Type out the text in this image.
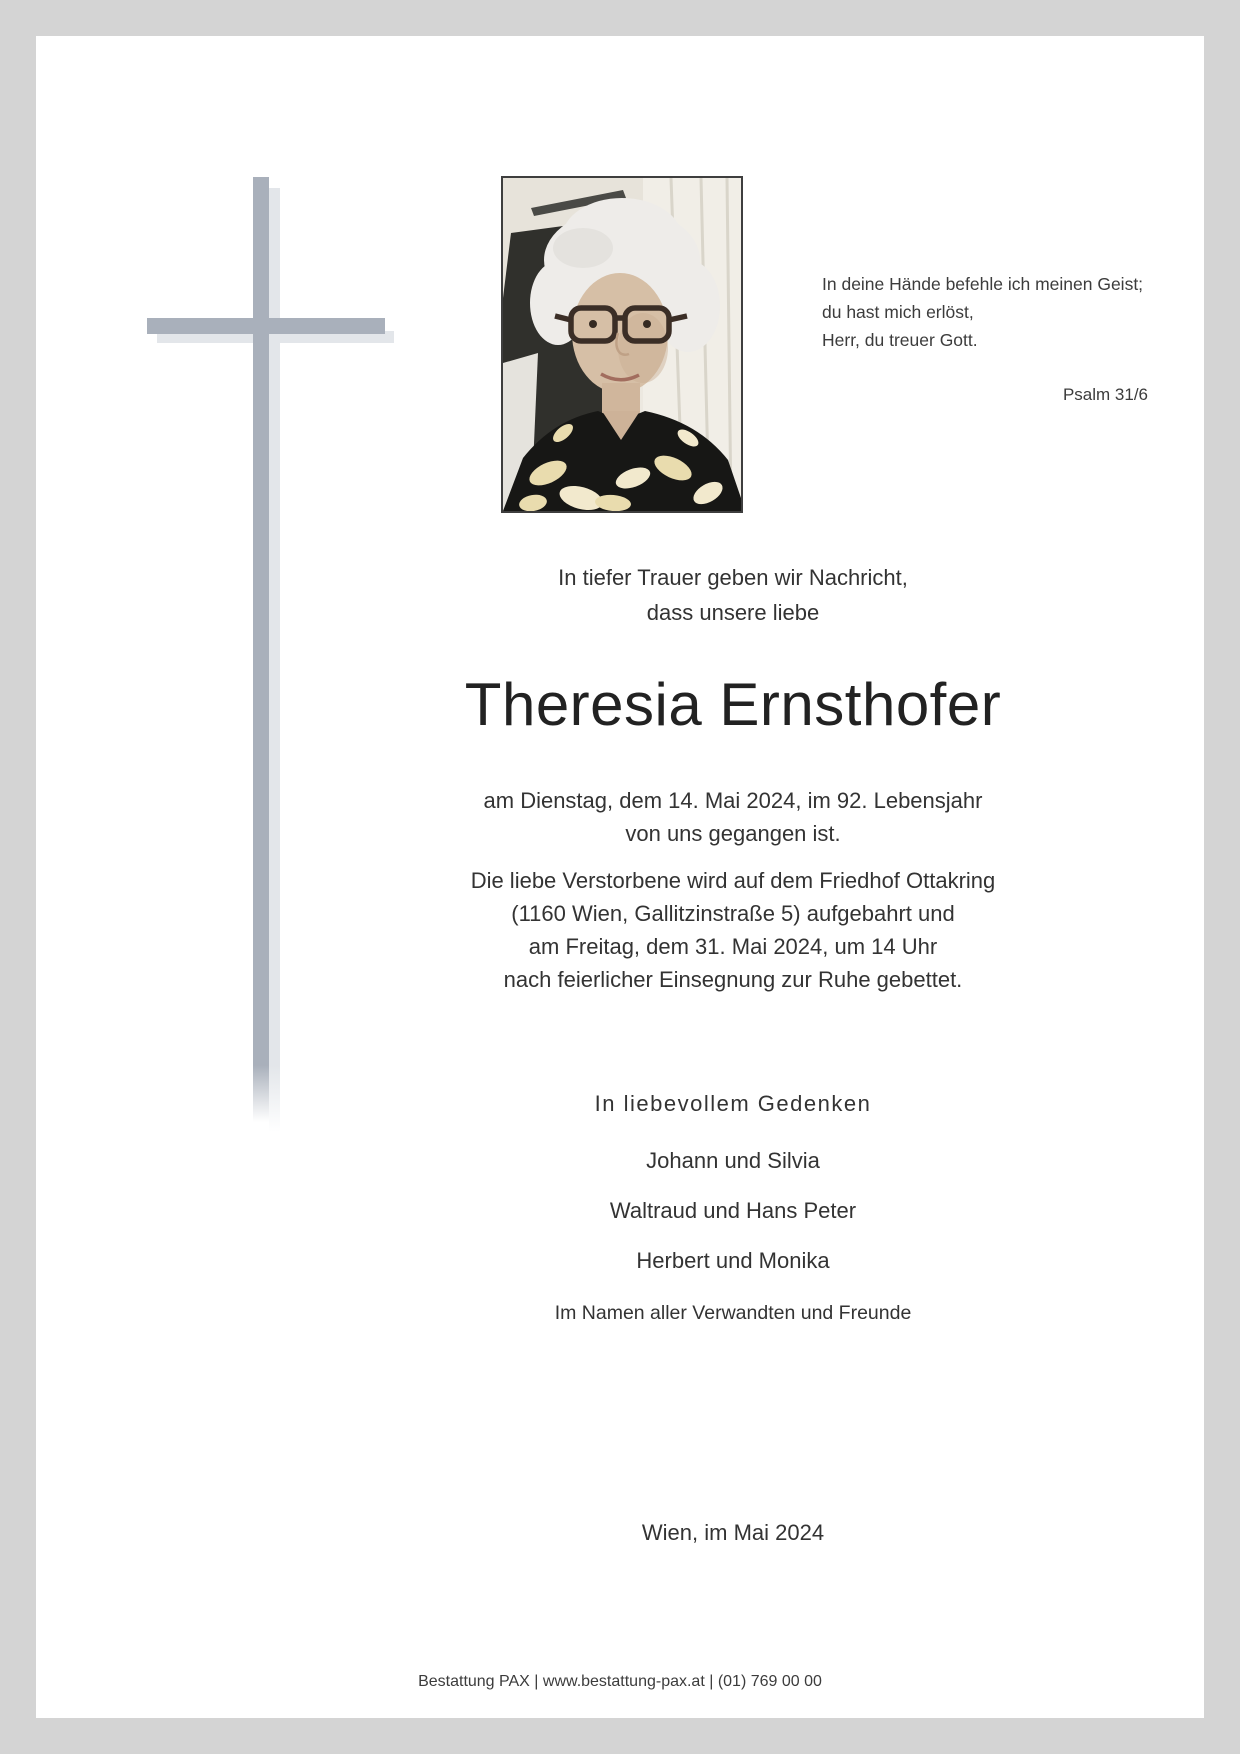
In deine Hände befehle ich meinen Geist;
du hast mich erlöst,
Herr, du treuer Gott.
Psalm 31/6
In tiefer Trauer geben wir Nachricht,
dass unsere liebe
Theresia Ernsthofer
am Dienstag, dem 14. Mai 2024, im 92. Lebensjahr
von uns gegangen ist.
Die liebe Verstorbene wird auf dem Friedhof Ottakring
(1160 Wien, Gallitzinstraße 5) aufgebahrt und
am Freitag, dem 31. Mai 2024, um 14 Uhr
nach feierlicher Einsegnung zur Ruhe gebettet.
In liebevollem Gedenken
Johann und Silvia
Waltraud und Hans Peter
Herbert und Monika
Im Namen aller Verwandten und Freunde
Wien, im Mai 2024
Bestattung PAX | www.bestattung-pax.at | (01) 769 00 00
